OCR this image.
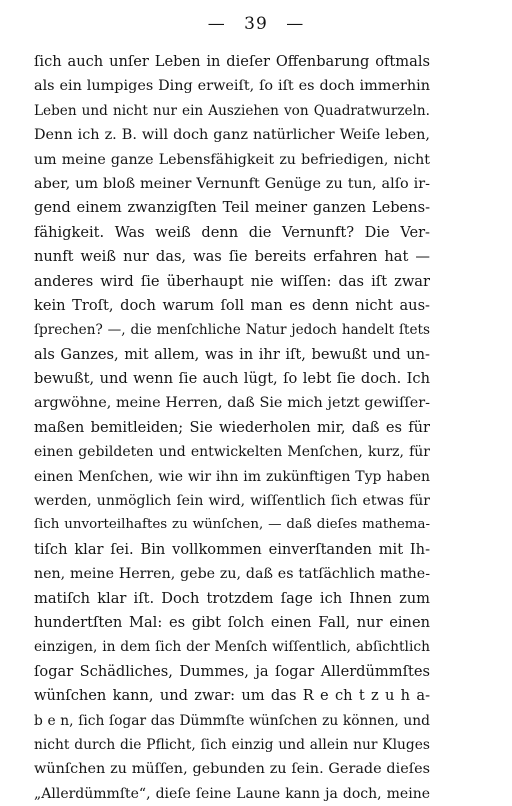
— 39 —
ſich auch unſer Leben in dieſer Offenbarung oftmals
als ein lumpiges Ding erweiſt, ſo iſt es doch immerhin
Leben und nicht nur ein Ausziehen von Quadratwurzeln.
Denn ich z. B. will doch ganz natürlicher Weiſe leben,
um meine ganze Lebensfähigkeit zu befriedigen, nicht
aber, um bloß meiner Vernunft Genüge zu tun, alſo ir-
gend einem zwanzigſten Teil meiner ganzen Lebens-
fähigkeit. Was weiß denn die Vernunft? Die Ver-
nunft weiß nur das, was ſie bereits erfahren hat —
anderes wird ſie überhaupt nie wiſſen: das iſt zwar
kein Troſt, doch warum ſoll man es denn nicht aus-
ſprechen? —, die menſchliche Natur jedoch handelt ſtets
als Ganzes, mit allem, was in ihr iſt, bewußt und un-
bewußt, und wenn ſie auch lügt, ſo lebt ſie doch. Ich
argwöhne, meine Herren, daß Sie mich jetzt gewiſſer-
maßen bemitleiden; Sie wiederholen mir, daß es für
einen gebildeten und entwickelten Menſchen, kurz, für
einen Menſchen, wie wir ihn im zukünftigen Typ haben
werden, unmöglich ſein wird, wiſſentlich ſich etwas für
ſich unvorteilhaftes zu wünſchen, — daß dieſes mathema-
tiſch klar ſei. Bin vollkommen einverſtanden mit Ih-
nen, meine Herren, gebe zu, daß es tatſächlich mathe-
matiſch klar iſt. Doch trotzdem ſage ich Ihnen zum
hundertſten Mal: es gibt ſolch einen Fall, nur einen
einzigen, in dem ſich der Menſch wiſſentlich, abſichtlich
ſogar Schädliches, Dummes, ja ſogar Allerdümmſtes
wünſchen kann, und zwar: um das R e ch t z u h a-
b e n, ſich ſogar das Dümmſte wünſchen zu können, und
nicht durch die Pflicht, ſich einzig und allein nur Kluges
wünſchen zu müſſen, gebunden zu ſein. Gerade dieſes
„Allerdümmſte“, dieſe ſeine Laune kann ja doch, meine
